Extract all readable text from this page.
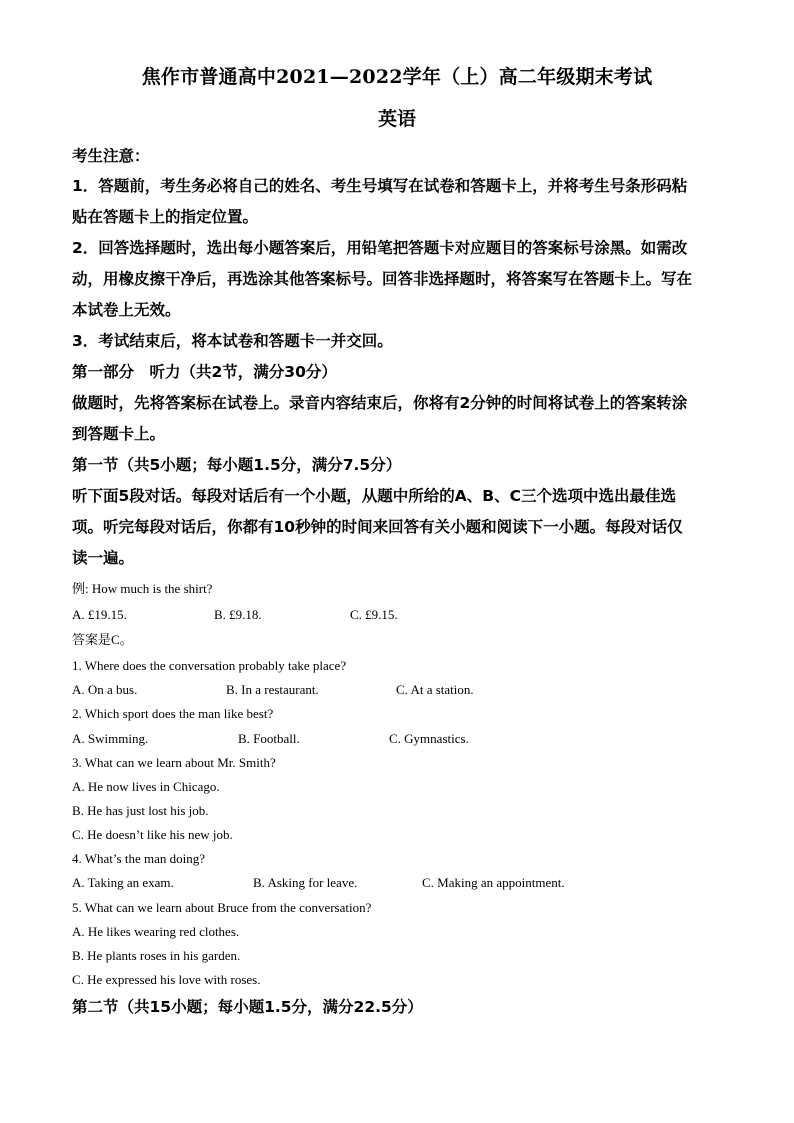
焦作市普通高中2021—2022学年（上）高二年级期末考试
英语
考生注意：
1．答题前，考生务必将自己的姓名、考生号填写在试卷和答题卡上，并将考生号条形码粘
贴在答题卡上的指定位置。
2．回答选择题时，选出每小题答案后，用铅笔把答题卡对应题目的答案标号涂黑。如需改
动，用橡皮擦干净后，再选涂其他答案标号。回答非选择题时，将答案写在答题卡上。写在
本试卷上无效。
3．考试结束后，将本试卷和答题卡一并交回。
第一部分　听力（共2节，满分30分）
做题时，先将答案标在试卷上。录音内容结束后，你将有2分钟的时间将试卷上的答案转涂
到答题卡上。
第一节（共5小题；每小题1.5分，满分7.5分）
听下面5段对话。每段对话后有一个小题，从题中所给的A、B、C三个选项中选出最佳选
项。听完每段对话后，你都有10秒钟的时间来回答有关小题和阅读下一小题。每段对话仅
读一遍。
例: How much is the shirt?
A. £19.15.	B. £9.18.	C. £9.15.
答案是C。
1. Where does the conversation probably take place?
A. On a bus.	B. In a restaurant.	C. At a station.
2. Which sport does the man like best?
A. Swimming.	B. Football.	C. Gymnastics.
3. What can we learn about Mr. Smith?
A. He now lives in Chicago.
B. He has just lost his job.
C. He doesn’t like his new job.
4. What’s the man doing?
A. Taking an exam.	B. Asking for leave.	C. Making an appointment.
5. What can we learn about Bruce from the conversation?
A. He likes wearing red clothes.
B. He plants roses in his garden.
C. He expressed his love with roses.
第二节（共15小题；每小题1.5分，满分22.5分）
